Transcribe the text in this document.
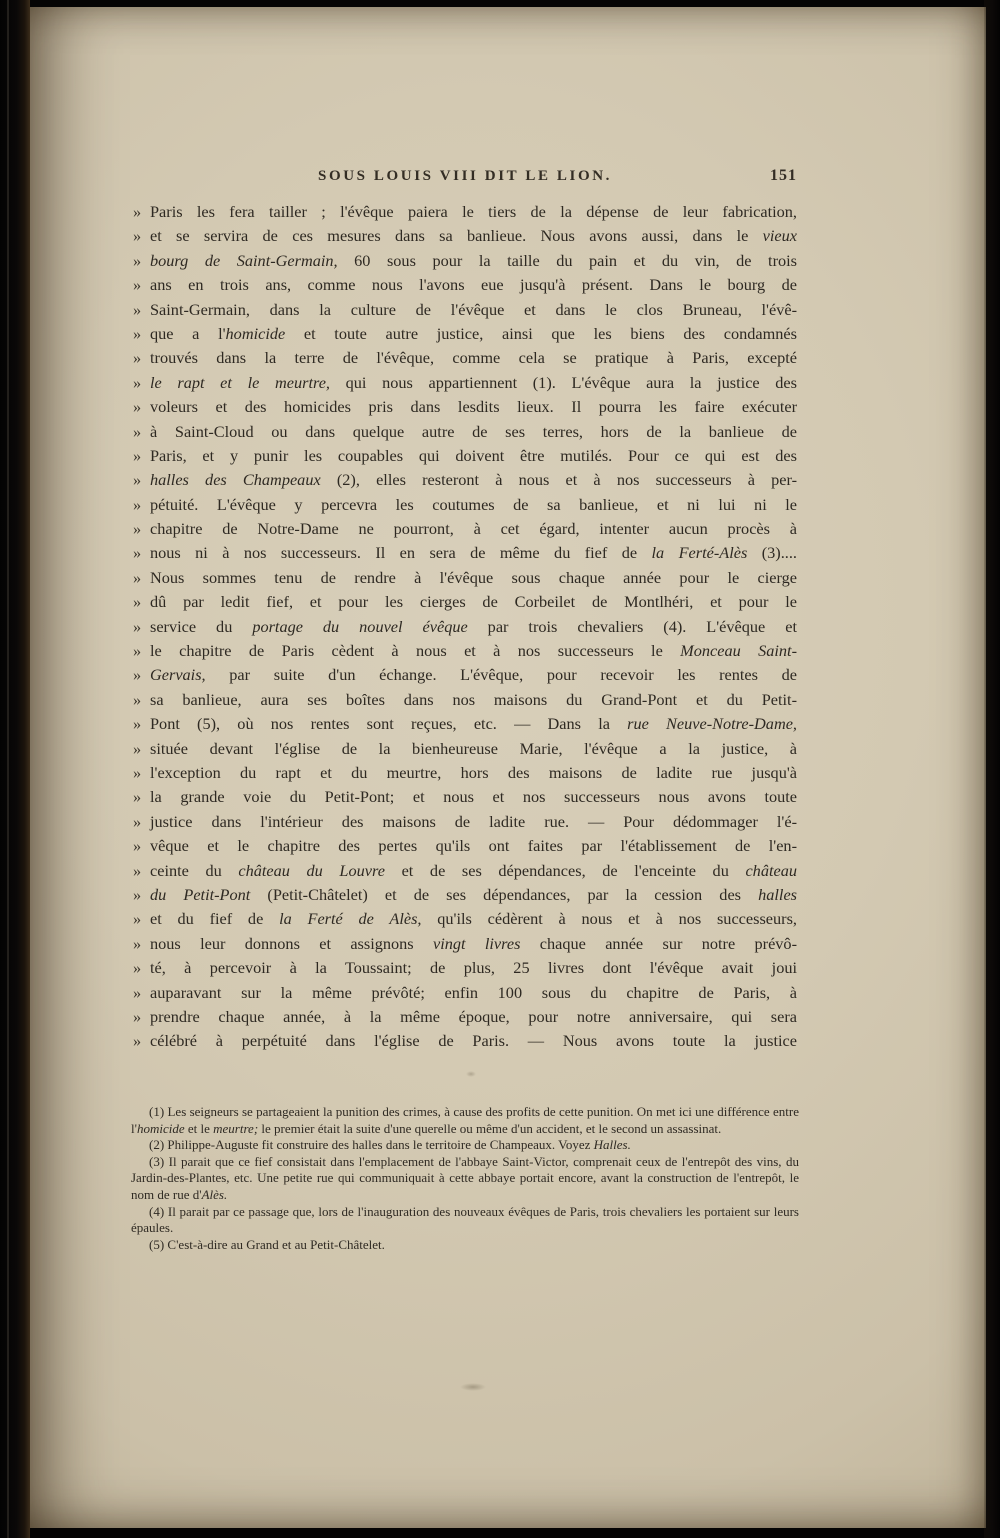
SOUS LOUIS VIII DIT LE LION.	151
» Paris les fera tailler ; l'évêque paiera le tiers de la dépense de leur fabrication,
» et se servira de ces mesures dans sa banlieue. Nous avons aussi, dans le vieux
» bourg de Saint-Germain, 60 sous pour la taille du pain et du vin, de trois
» ans en trois ans, comme nous l'avons eue jusqu'à présent. Dans le bourg de
» Saint-Germain, dans la culture de l'évêque et dans le clos Bruneau, l'évê-
» que a l'homicide et toute autre justice, ainsi que les biens des condamnés
» trouvés dans la terre de l'évêque, comme cela se pratique à Paris, excepté
» le rapt et le meurtre, qui nous appartiennent (1). L'évêque aura la justice des
» voleurs et des homicides pris dans lesdits lieux. Il pourra les faire exécuter
» à Saint-Cloud ou dans quelque autre de ses terres, hors de la banlieue de
» Paris, et y punir les coupables qui doivent être mutilés. Pour ce qui est des
» halles des Champeaux (2), elles resteront à nous et à nos successeurs à per-
» pétuité. L'évêque y percevra les coutumes de sa banlieue, et ni lui ni le
» chapitre de Notre-Dame ne pourront, à cet égard, intenter aucun procès à
» nous ni à nos successeurs. Il en sera de même du fief de la Ferté-Alès (3)....
» Nous sommes tenu de rendre à l'évêque sous chaque année pour le cierge
» dû par ledit fief, et pour les cierges de Corbeilet de Montlhéri, et pour le
» service du portage du nouvel évêque par trois chevaliers (4). L'évêque et
» le chapitre de Paris cèdent à nous et à nos successeurs le Monceau Saint-
» Gervais, par suite d'un échange. L'évêque, pour recevoir les rentes de
» sa banlieue, aura ses boîtes dans nos maisons du Grand-Pont et du Petit-
» Pont (5), où nos rentes sont reçues, etc. — Dans la rue Neuve-Notre-Dame,
» située devant l'église de la bienheureuse Marie, l'évêque a la justice, à
» l'exception du rapt et du meurtre, hors des maisons de ladite rue jusqu'à
» la grande voie du Petit-Pont; et nous et nos successeurs nous avons toute
» justice dans l'intérieur des maisons de ladite rue. — Pour dédommager l'é-
» vêque et le chapitre des pertes qu'ils ont faites par l'établissement de l'en-
» ceinte du château du Louvre et de ses dépendances, de l'enceinte du château
» du Petit-Pont (Petit-Châtelet) et de ses dépendances, par la cession des halles
» et du fief de la Ferté de Alès, qu'ils cédèrent à nous et à nos successeurs,
» nous leur donnons et assignons vingt livres chaque année sur notre prévô-
» té, à percevoir à la Toussaint; de plus, 25 livres dont l'évêque avait joui
» auparavant sur la même prévôté; enfin 100 sous du chapitre de Paris, à
» prendre chaque année, à la même époque, pour notre anniversaire, qui sera
» célébré à perpétuité dans l'église de Paris. — Nous avons toute la justice

(1) Les seigneurs se partageaient la punition des crimes, à cause des profits de cette punition. On met ici une différence entre l'homicide et le meurtre; le premier était la suite d'une querelle ou même d'un accident, et le second un assassinat.

(2) Philippe-Auguste fit construire des halles dans le territoire de Champeaux. Voyez Halles.

(3) Il parait que ce fief consistait dans l'emplacement de l'abbaye Saint-Victor, comprenait ceux de l'entrepôt des vins, du Jardin-des-Plantes, etc. Une petite rue qui communiquait à cette abbaye portait encore, avant la construction de l'entrepôt, le nom de rue d'Alès.

(4) Il parait par ce passage que, lors de l'inauguration des nouveaux évêques de Paris, trois chevaliers les portaient sur leurs épaules.

(5) C'est-à-dire au Grand et au Petit-Châtelet.
